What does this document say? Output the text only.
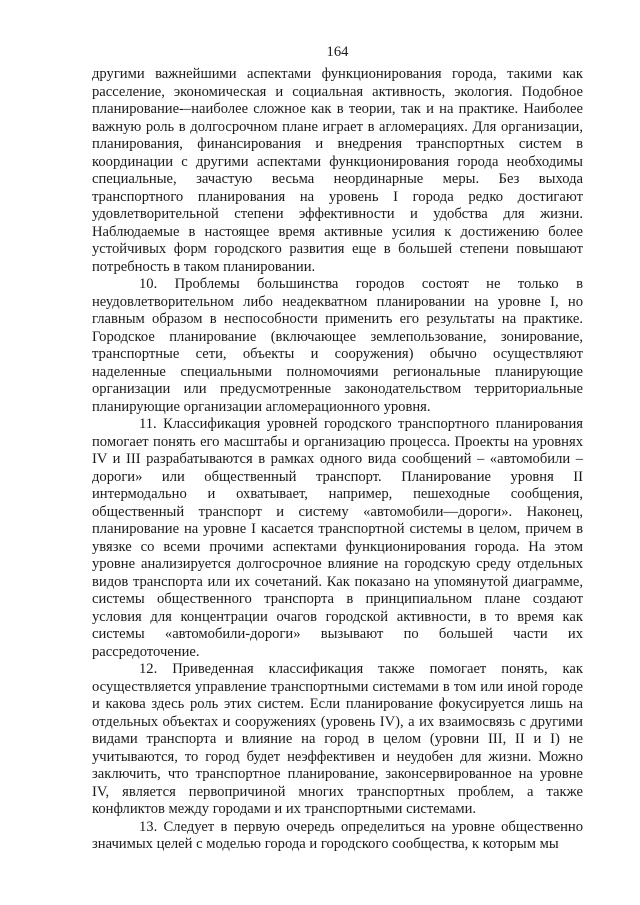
164

другими важнейшими аспектами функционирования города, такими как расселение, экономическая и социальная активность, экология. Подобное планирование-–наиболее сложное как в теории, так и на практике. Наиболее важную роль в долгосрочном плане играет в агломерациях. Для организации, планирования, финансирования и внедрения транспортных систем в координации с другими аспектами функционирования города необходимы специальные, зачастую весьма неординарные меры. Без выхода транспортного планирования на уровень I города редко достигают удовлетворительной степени эффективности и удобства для жизни. Наблюдаемые в настоящее время активные усилия к достижению более устойчивых форм городского развития еще в большей степени повышают потребность в таком планировании.

10. Проблемы большинства городов состоят не только в неудовлетворительном либо неадекватном планировании на уровне I, но главным образом в неспособности применить его результаты на практике. Городское планирование (включающее землепользование, зонирование, транспортные сети, объекты и сооружения) обычно осуществляют наделенные специальными полномочиями региональные планирующие организации или предусмотренные законодательством территориальные планирующие организации агломерационного уровня.

11. Классификация уровней городского транспортного планирования помогает понять его масштабы и организацию процесса. Проекты на уровнях IV и III разрабатываются в рамках одного вида сообщений – «автомобили – дороги» или общественный транспорт. Планирование уровня II интермодально и охватывает, например, пешеходные сообщения, общественный транспорт и систему «автомобили—дороги». Наконец, планирование на уровне I касается транспортной системы в целом, причем в увязке со всеми прочими аспектами функционирования города. На этом уровне анализируется долгосрочное влияние на городскую среду отдельных видов транспорта или их сочетаний. Как показано на упомянутой диаграмме, системы общественного транспорта в принципиальном плане создают условия для концентрации очагов городской активности, в то время как системы «автомобили-дороги» вызывают по большей части их рассредоточение.

12. Приведенная классификация также помогает понять, как осуществляется управление транспортными системами в том или иной городе и какова здесь роль этих систем. Если планирование фокусируется лишь на отдельных объектах и сооружениях (уровень IV), а их взаимосвязь с другими видами транспорта и влияние на город в целом (уровни III, II и I) не учитываются, то город будет неэффективен и неудобен для жизни. Можно заключить, что транспортное планирование, законсервированное на уровне IV, является первопричиной многих транспортных проблем, а также конфликтов между городами и их транспортными системами.

13. Следует в первую очередь определиться на уровне общественно значимых целей с моделью города и городского сообщества, к которым мы
